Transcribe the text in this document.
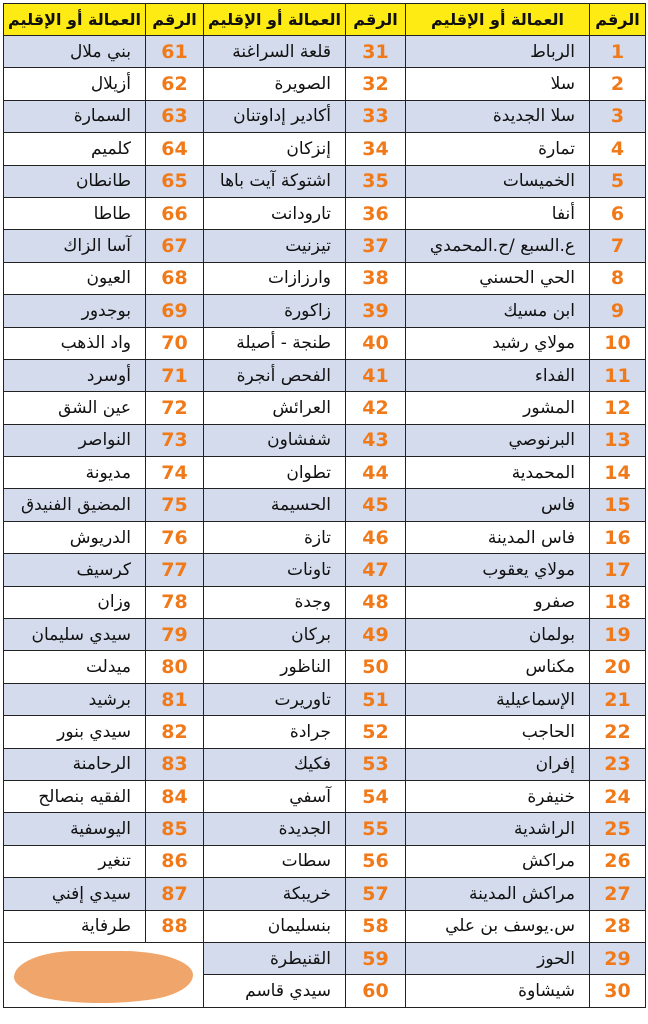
الرقم	العمالة أو الإقليم	الرقم	العمالة أو الإقليم	الرقم	العمالة أو الإقليم
1	الرباط	31	قلعة السراغنة	61	بني ملال
2	سلا	32	الصويرة	62	أزيلال
3	سلا الجديدة	33	أكادير إداوتنان	63	السمارة
4	تمارة	34	إنزكان	64	كلميم
5	الخميسات	35	اشتوكة آيت باها	65	طانطان
6	أنفا	36	تارودانت	66	طاطا
7	ع.السبع /ح.المحمدي	37	تيزنيت	67	آسا الزاك
8	الحي الحسني	38	وارزازات	68	العيون
9	ابن مسيك	39	زاكورة	69	بوجدور
10	مولاي رشيد	40	طنجة - أصيلة	70	واد الذهب
11	الفداء	41	الفحص أنجرة	71	أوسرد
12	المشور	42	العرائش	72	عين الشق
13	البرنوصي	43	شفشاون	73	النواصر
14	المحمدية	44	تطوان	74	مديونة
15	فاس	45	الحسيمة	75	المضيق الفنيدق
16	فاس المدينة	46	تازة	76	الدريوش
17	مولاي يعقوب	47	تاونات	77	كرسيف
18	صفرو	48	وجدة	78	وزان
19	بولمان	49	بركان	79	سيدي سليمان
20	مكناس	50	الناظور	80	ميدلت
21	الإسماعيلية	51	تاوريرت	81	برشيد
22	الحاجب	52	جرادة	82	سيدي بنور
23	إفران	53	فكيك	83	الرحامنة
24	خنيفرة	54	آسفي	84	الفقيه بنصالح
25	الراشدية	55	الجديدة	85	اليوسفية
26	مراكش	56	سطات	86	تنغير
27	مراكش المدينة	57	خريبكة	87	سيدي إفني
28	س.يوسف بن علي	58	بنسليمان	88	طرفاية
29	الحوز	59	القنيطرة		

30	شيشاوة	60	سيدي قاسم		
